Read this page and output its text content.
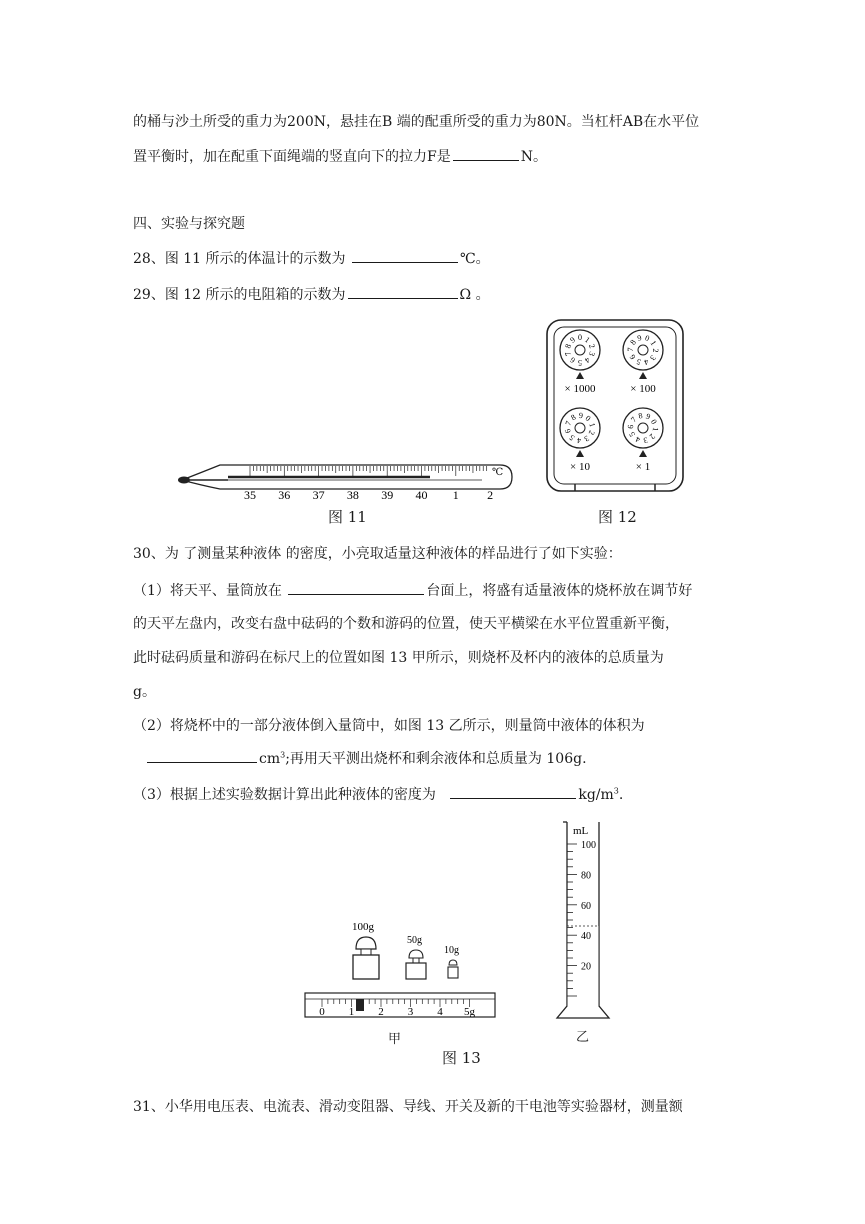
的桶与沙土所受的重力为200N，悬挂在B 端的配重所受的重力为80N。当杠杆AB在水平位
置平衡时，加在配重下面绳端的竖直向下的拉力F是	N。
四、实验与探究题
28、图 11 所示的体温计的示数为	℃。
29、图 12 所示的电阻箱的示数为	Ω 。
35 36 37 38 39 40 1 2
℃
图 11
0 1
2
3
4
5
6
7
8
9
× 1000
0
1
2
3
4
5
6
7
8
9
× 100
0
1
2
3
4
5
6
7
8 9
× 10
0
1
2
3
4
5
6
7 8 9
× 1
图 12
30、为 了测量某种液体 的密度，小亮取适量这种液体的样品进行了如下实验：
（1）将天平、量筒放在	台面上，将盛有适量液体的烧杯放在调节好
的天平左盘内，改变右盘中砝码的个数和游码的位置，使天平横梁在水平位置重新平衡，
此时砝码质量和游码在标尺上的位置如图 13 甲所示，则烧杯及杯内的液体的总质量为
g。
（2）将烧杯中的一部分液体倒入量筒中，如图 13 乙所示，则量筒中液体的体积为
$cm^3$;再用天平测出烧杯和剩余液体和总质量为 106g.
（3）根据上述实验数据计算出此种液体的密度为	$kg/m^3$.
100g
50g
10g
0 1 2 3 4 5g
甲
100
80
60
40
20
mL
乙
图 13
31、小华用电压表、电流表、滑动变阻器、导线、开关及新的干电池等实验器材，测量额
